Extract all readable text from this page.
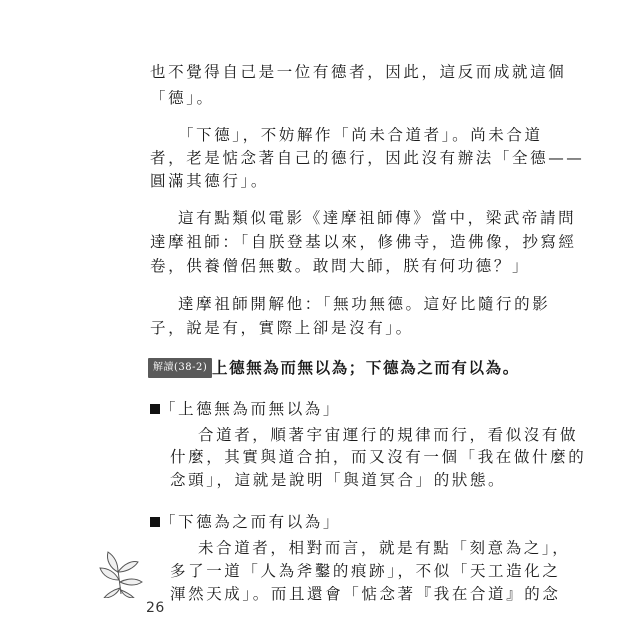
也不覺得自己是一位有德者，因此，這反而成就這個
「德」。
「下德」，不妨解作「尚未合道者」。尚未合道
者，老是惦念著自己的德行，因此沒有辦法「全德——
圓滿其德行」。
這有點類似電影《達摩祖師傳》當中，梁武帝請問
達摩祖師：「自朕登基以來，修佛寺，造佛像，抄寫經
卷，供養僧侶無數。敢問大師，朕有何功德？」
達摩祖師開解他：「無功無德。這好比隨行的影
子，說是有，實際上卻是沒有」。
解讀(38-2) 上德無為而無以為；下德為之而有以為。
「上德無為而無以為」
合道者，順著宇宙運行的規律而行，看似沒有做
什麼，其實與道合拍，而又沒有一個「我在做什麼的
念頭」，這就是說明「與道冥合」的狀態。
「下德為之而有以為」
未合道者，相對而言，就是有點「刻意為之」，
多了一道「人為斧鑿的痕跡」，不似「天工造化之
渾然天成」。而且還會「惦念著『我在合道』的念
26
